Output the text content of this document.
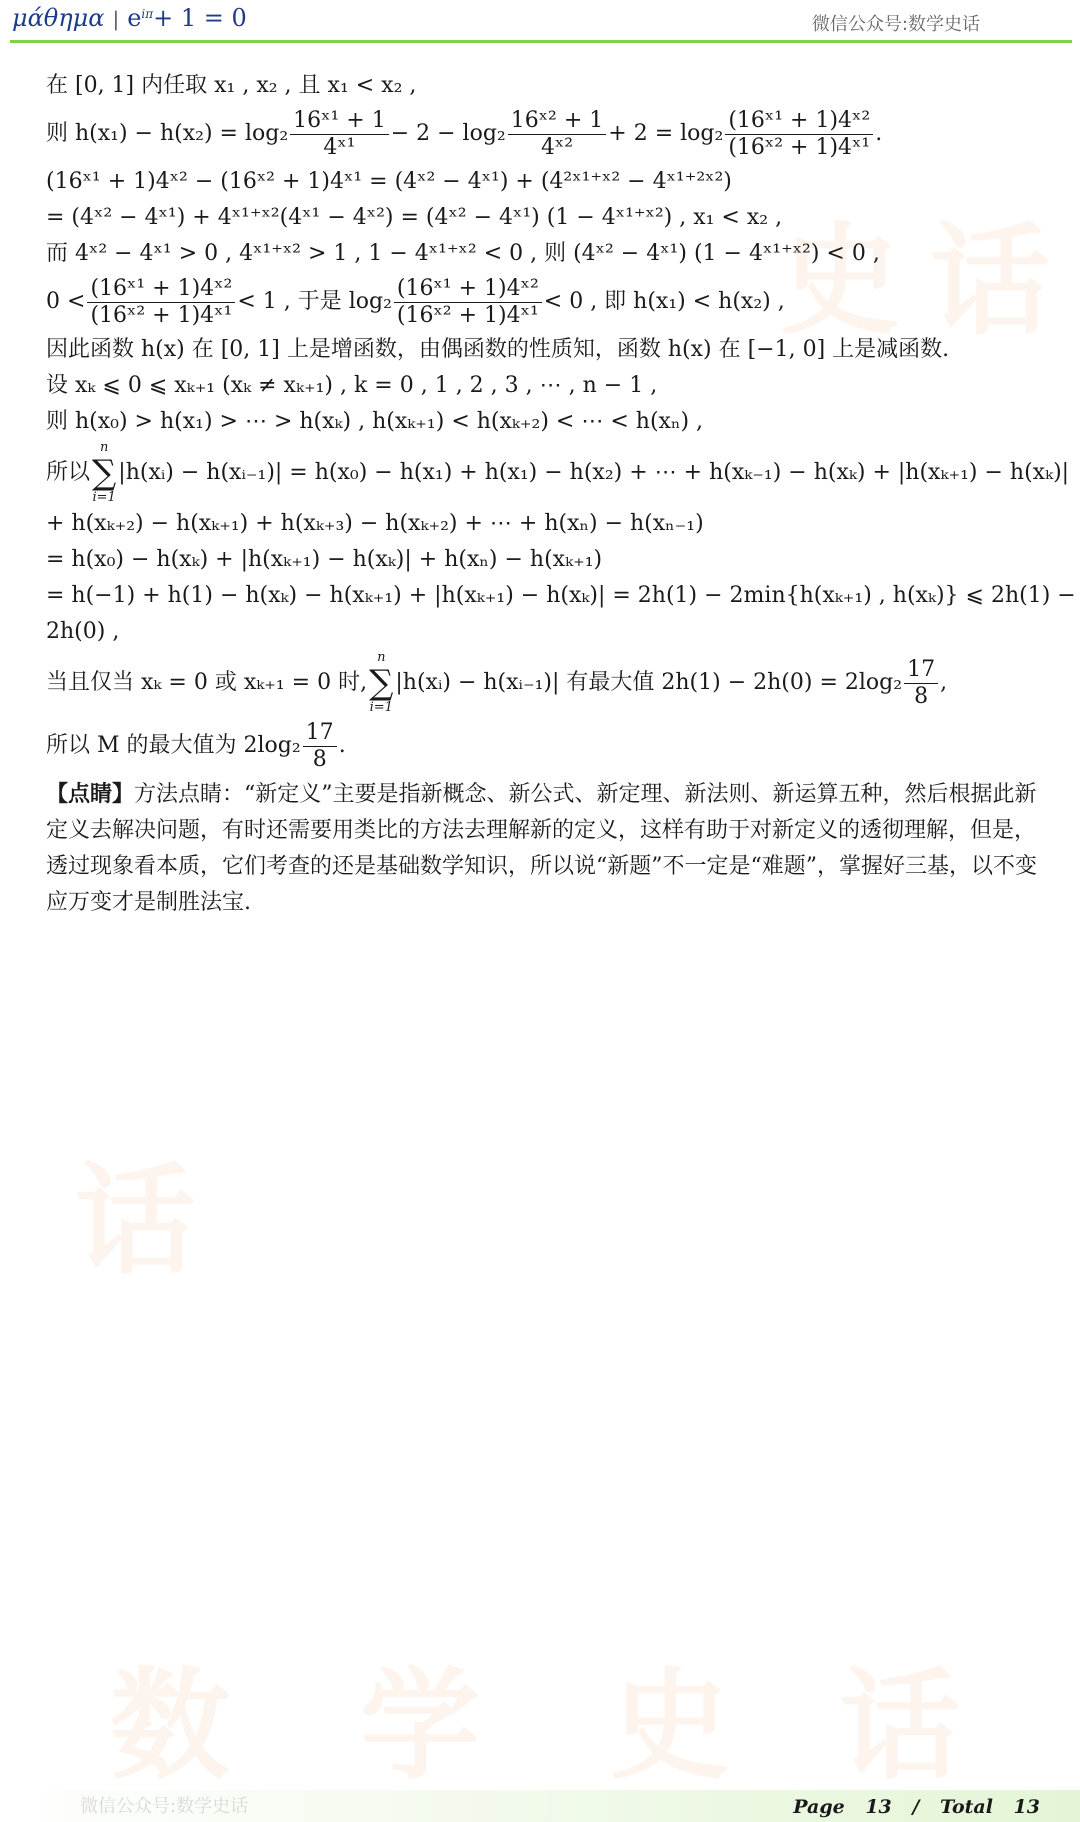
μάθημα | $e^{i\pi}+ 1 = 0$	微信公众号:数学史话
史 话
话
数 学 史 话
在 [0, 1] 内任取 x₁ , x₂ , 且 x₁ < x₂ ,
则 $h(x_1) - h(x_2) = \log_2 \frac{\text{16ˣ¹ + 1}}{\text{4ˣ¹}} - 2 - \log_2 \frac{\text{16ˣ² + 1}}{\text{4ˣ²}} + 2 = \log_2 \frac{\text{(16ˣ¹ + 1)4ˣ²}}{\text{(16ˣ² + 1)4ˣ¹}}$ .
(16ˣ¹ + 1)4ˣ² − (16ˣ² + 1)4ˣ¹ = (4ˣ² − 4ˣ¹) + (4²ˣ¹⁺ˣ² − 4ˣ¹⁺²ˣ²)
= (4ˣ² − 4ˣ¹) + 4ˣ¹⁺ˣ²(4ˣ¹ − 4ˣ²) = (4ˣ² − 4ˣ¹) (1 − 4ˣ¹⁺ˣ²) , x₁ < x₂ ,
而 4ˣ² − 4ˣ¹ > 0 , 4ˣ¹⁺ˣ² > 1 , 1 − 4ˣ¹⁺ˣ² < 0 , 则 (4ˣ² − 4ˣ¹) (1 − 4ˣ¹⁺ˣ²) < 0 ,
$0 < \frac{\text{(16ˣ¹ + 1)4ˣ²}}{\text{(16ˣ² + 1)4ˣ¹}} < 1$ , 于是 $\log_2 \frac{\text{(16ˣ¹ + 1)4ˣ²}}{\text{(16ˣ² + 1)4ˣ¹}} < 0$ , 即 h(x₁) < h(x₂) ,
因此函数 h(x) 在 [0, 1] 上是增函数，由偶函数的性质知，函数 h(x) 在 [−1, 0] 上是减函数.
设 xₖ ⩽ 0 ⩽ xₖ₊₁ (xₖ ≠ xₖ₊₁) , k = 0 , 1 , 2 , 3 , ⋯ , n − 1 ,
则 h(x₀) > h(x₁) > ⋯ > h(xₖ) , h(xₖ₊₁) < h(xₖ₊₂) < ⋯ < h(xₙ) ,
所以
n
∑
i=1
|h(xᵢ) − h(xᵢ₋₁)| = h(x₀) − h(x₁) + h(x₁) − h(x₂) + ⋯ + h(xₖ₋₁) − h(xₖ) + |h(xₖ₊₁) − h(xₖ)|
+ h(xₖ₊₂) − h(xₖ₊₁) + h(xₖ₊₃) − h(xₖ₊₂) + ⋯ + h(xₙ) − h(xₙ₋₁)
= h(x₀) − h(xₖ) + |h(xₖ₊₁) − h(xₖ)| + h(xₙ) − h(xₖ₊₁)
= h(−1) + h(1) − h(xₖ) − h(xₖ₊₁) + |h(xₖ₊₁) − h(xₖ)| = 2h(1) − 2min{h(xₖ₊₁) , h(xₖ)} ⩽ 2h(1) −
2h(0) ,
当且仅当 xₖ = 0 或 xₖ₊₁ = 0 时,
n
∑
i=1
|h(xᵢ) − h(xᵢ₋₁)| 有最大值 $2h(1) - 2h(0) = 2\log_2 \frac{17}{8}$ ,
所以 M 的最大值为 $2\log_2 \frac{17}{8}$ .
【点睛】方法点睛：“新定义”主要是指新概念、新公式、新定理、新法则、新运算五种，然后根据此新定义去解决问题，有时还需要用类比的方法去理解新的定义，这样有助于对新定义的透彻理解，但是，透过现象看本质，它们考查的还是基础数学知识，所以说“新题”不一定是“难题”，掌握好三基，以不变应万变才是制胜法宝.
微信公众号:数学史话	Page 13 / Total 13
